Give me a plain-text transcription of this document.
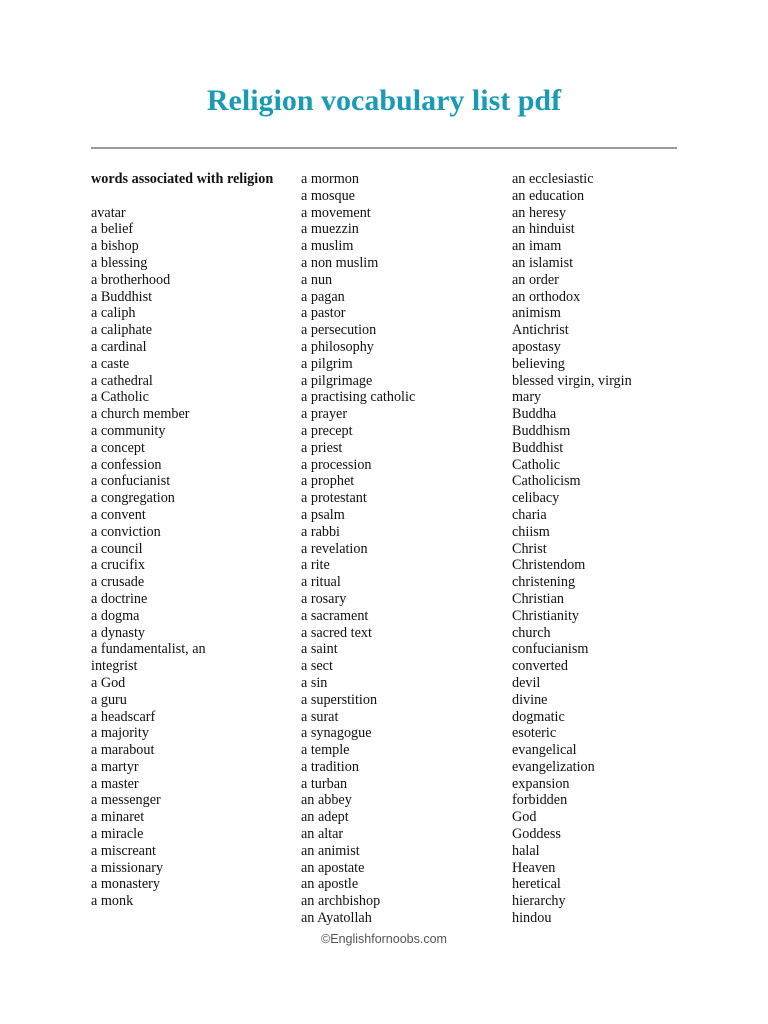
Religion vocabulary list pdf
words associated with religion
avatar
a belief
a bishop
a blessing
a brotherhood
a Buddhist
a caliph
a caliphate
a cardinal
a caste
a cathedral
a Catholic
a church member
a community
a concept
a confession
a confucianist
a congregation
a convent
a conviction
a council
a crucifix
a crusade
a doctrine
a dogma
a dynasty
a fundamentalist, an
integrist
a God
a guru
a headscarf
a majority
a marabout
a martyr
a master
a messenger
a minaret
a miracle
a miscreant
a missionary
a monastery
a monk
a mormon
a mosque
a movement
a muezzin
a muslim
a non muslim
a nun
a pagan
a pastor
a persecution
a philosophy
a pilgrim
a pilgrimage
a practising catholic
a prayer
a precept
a priest
a procession
a prophet
a protestant
a psalm
a rabbi
a revelation
a rite
a ritual
a rosary
a sacrament
a sacred text
a saint
a sect
a sin
a superstition
a surat
a synagogue
a temple
a tradition
a turban
an abbey
an adept
an altar
an animist
an apostate
an apostle
an archbishop
an Ayatollah
an ecclesiastic
an education
an heresy
an hinduist
an imam
an islamist
an order
an orthodox
animism
Antichrist
apostasy
believing
blessed virgin, virgin
mary
Buddha
Buddhism
Buddhist
Catholic
Catholicism
celibacy
charia
chiism
Christ
Christendom
christening
Christian
Christianity
church
confucianism
converted
devil
divine
dogmatic
esoteric
evangelical
evangelization
expansion
forbidden
God
Goddess
halal
Heaven
heretical
hierarchy
hindou
©Englishfornoobs.com
